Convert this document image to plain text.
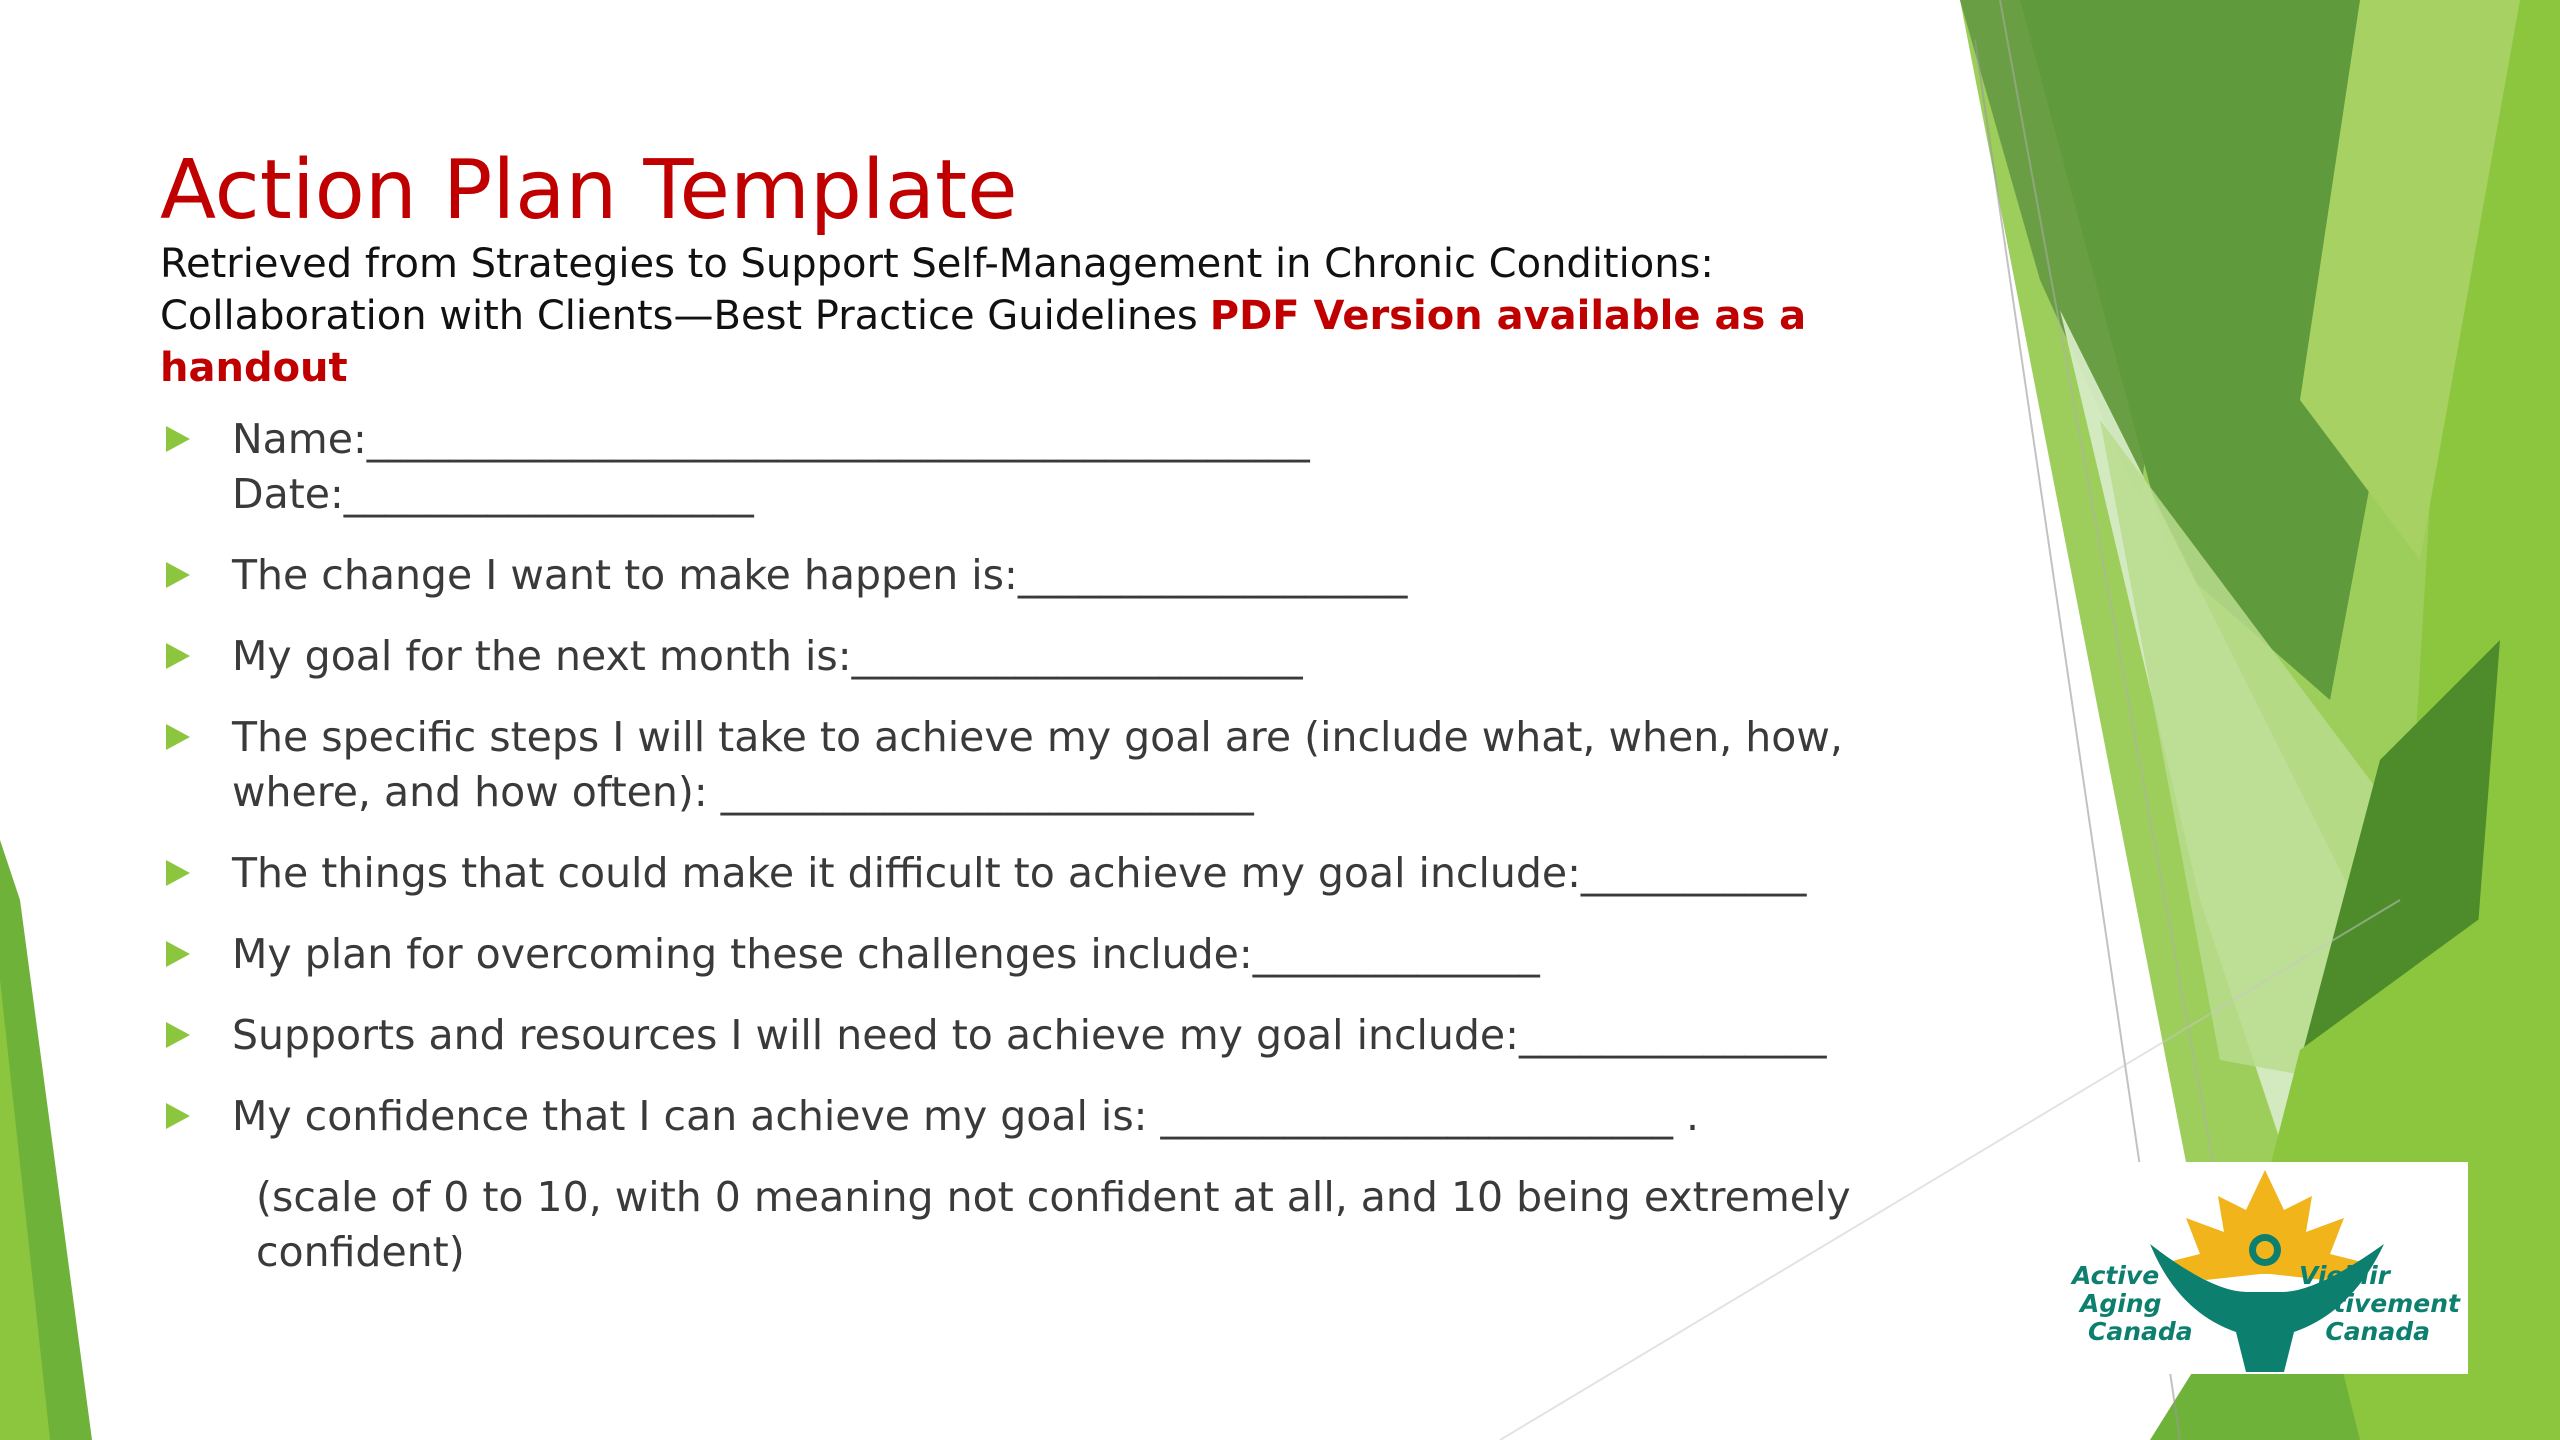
Action Plan Template
Retrieved from Strategies to Support Self-Management in Chronic Conditions: Collaboration with Clients—Best Practice Guidelines PDF Version available as a handout
Name:______________________________________________
Date:____________________
The change I want to make happen is:___________________
My goal for the next month is:______________________
The specific steps I will take to achieve my goal are (include what, when, how,
where, and how often): __________________________
The things that could make it difficult to achieve my goal include:___________
My plan for overcoming these challenges include:______________
Supports and resources I will need to achieve my goal include:_______________
My confidence that I can achieve my goal is: _________________________ .
(scale of 0 to 10, with 0 meaning not confident at all, and 10 being extremely confident)	Active
Aging
Canada
Vieillir
Activement
Canada
